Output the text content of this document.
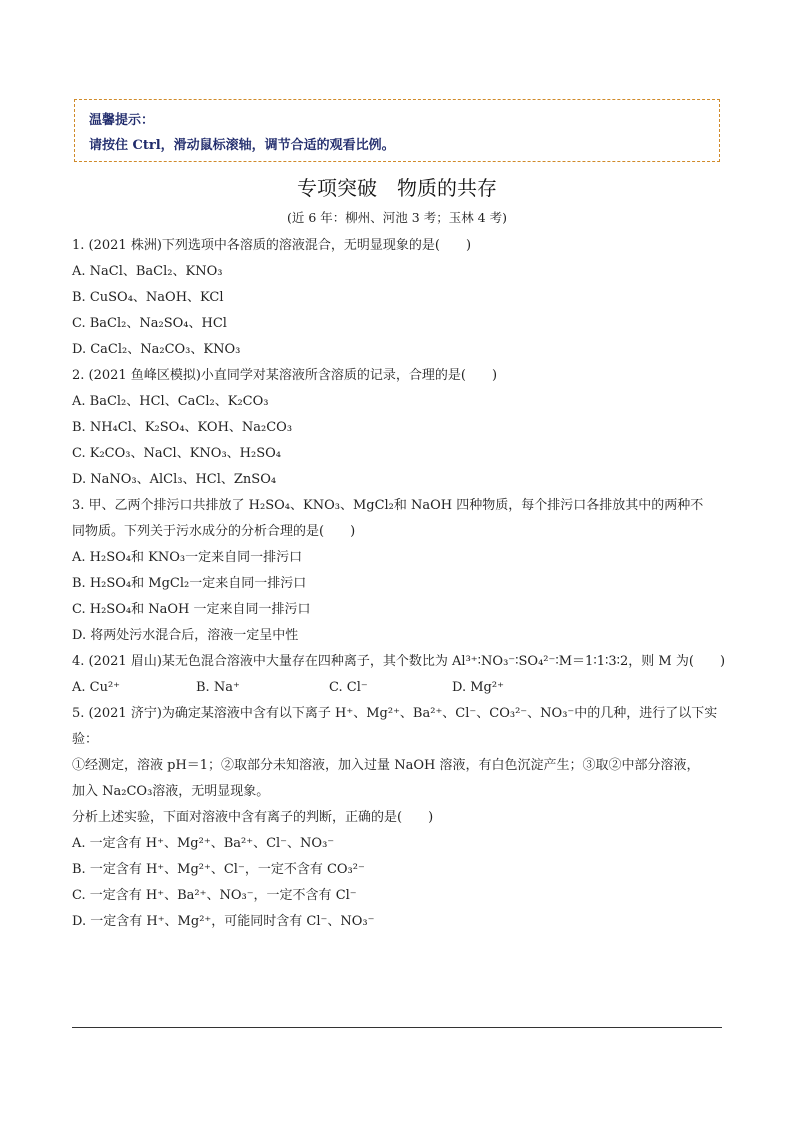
温馨提示：
请按住 Ctrl，滑动鼠标滚轴，调节合适的观看比例。
专项突破　物质的共存
(近 6 年：柳州、河池 3 考；玉林 4 考)
1. (2021 株洲)下列选项中各溶质的溶液混合，无明显现象的是(　　)
A. NaCl、BaCl₂、KNO₃
B. CuSO₄、NaOH、KCl
C. BaCl₂、Na₂SO₄、HCl
D. CaCl₂、Na₂CO₃、KNO₃
2. (2021 鱼峰区模拟)小直同学对某溶液所含溶质的记录，合理的是(　　)
A. BaCl₂、HCl、CaCl₂、K₂CO₃
B. NH₄Cl、K₂SO₄、KOH、Na₂CO₃
C. K₂CO₃、NaCl、KNO₃、H₂SO₄
D. NaNO₃、AlCl₃、HCl、ZnSO₄
3. 甲、乙两个排污口共排放了 H₂SO₄、KNO₃、MgCl₂和 NaOH 四种物质，每个排污口各排放其中的两种不
同物质。下列关于污水成分的分析合理的是(　　)
A. H₂SO₄和 KNO₃一定来自同一排污口
B. H₂SO₄和 MgCl₂一定来自同一排污口
C. H₂SO₄和 NaOH 一定来自同一排污口
D. 将两处污水混合后，溶液一定呈中性
4. (2021 眉山)某无色混合溶液中大量存在四种离子，其个数比为 Al³⁺∶NO₃⁻∶SO₄²⁻∶M＝1∶1∶3∶2，则 M 为(　　)
A. Cu²⁺	B. Na⁺	C. Cl⁻	D. Mg²⁺
5. (2021 济宁)为确定某溶液中含有以下离子 H⁺、Mg²⁺、Ba²⁺、Cl⁻、CO₃²⁻、NO₃⁻中的几种，进行了以下实
验：
①经测定，溶液 pH＝1；②取部分未知溶液，加入过量 NaOH 溶液，有白色沉淀产生；③取②中部分溶液，
加入 Na₂CO₃溶液，无明显现象。
分析上述实验，下面对溶液中含有离子的判断，正确的是(　　)
A. 一定含有 H⁺、Mg²⁺、Ba²⁺、Cl⁻、NO₃⁻
B. 一定含有 H⁺、Mg²⁺、Cl⁻，一定不含有 CO₃²⁻
C. 一定含有 H⁺、Ba²⁺、NO₃⁻，一定不含有 Cl⁻
D. 一定含有 H⁺、Mg²⁺，可能同时含有 Cl⁻、NO₃⁻
